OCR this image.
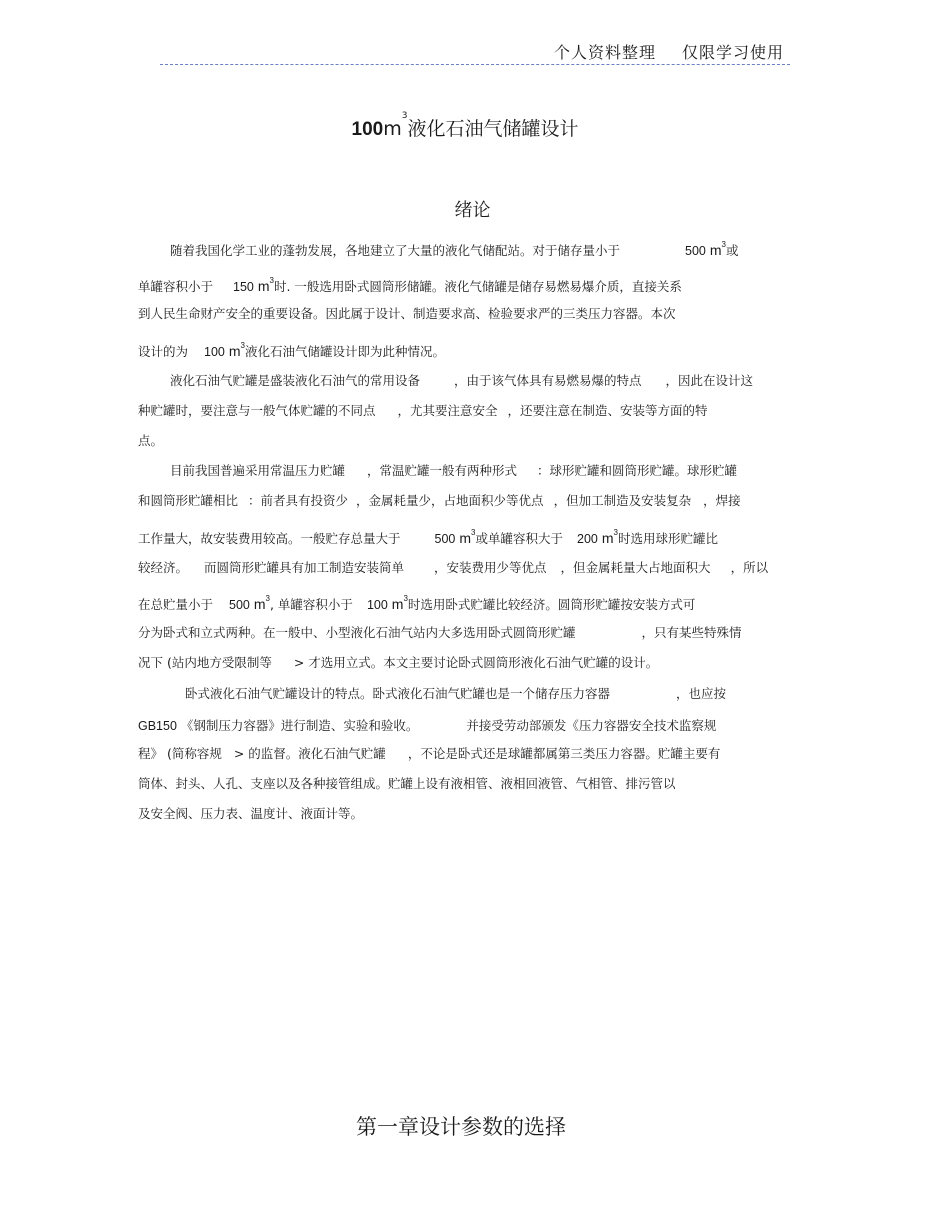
个人资料整理 仅限学习使用
$100m^3$液化石油气储罐设计
绪论
随着我国化学工业的蓬勃发展，各地建立了大量的液化气储配站。对于储存量小于	500 $m^3$或
单罐容积小于 150 $m^3$时. 一般选用卧式圆筒形储罐。液化气储罐是储存易燃易爆介质，直接关系
到人民生命财产安全的重要设备。因此属于设计、制造要求高、检验要求严的三类压力容器。本次
设计的为 100 $m^3$液化石油气储罐设计即为此种情况。
液化石油气贮罐是盛装液化石油气的常用设备	，由于该气体具有易燃易爆的特点 ，因此在设计这
种贮罐时，要注意与一般气体贮罐的不同点 ，尤其要注意安全 ，还要注意在制造、安装等方面的特
点。
目前我国普遍采用常温压力贮罐 ，常温贮罐一般有两种形式 ：球形贮罐和圆筒形贮罐。球形贮罐
和圆筒形贮罐相比 ：前者具有投资少 ，金属耗量少，占地面积少等优点 ，但加工制造及安装复杂 ，焊接
工作量大，故安装费用较高。一般贮存总量大于	500 $m^3$或单罐容积大于 200 $m^3$时选用球形贮罐比
较经济。 而圆筒形贮罐具有加工制造安装简单 ，安装费用少等优点 ，但金属耗量大占地面积大 ，所以
在总贮量小于 500 $m^3$, 单罐容积小于 100 $m^3$时选用卧式贮罐比较经济。圆筒形贮罐按安装方式可
分为卧式和立式两种。在一般中、小型液化石油气站内大多选用卧式圆筒形贮罐	，只有某些特殊情
况下 (站内地方受限制等 > 才选用立式。本文主要讨论卧式圆筒形液化石油气贮罐的设计。
卧式液化石油气贮罐设计的特点。卧式液化石油气贮罐也是一个储存压力容器	，也应按
GB150 《钢制压力容器》进行制造、实验和验收。	并接受劳动部颁发《压力容器安全技术监察规
程》 (简称容规 > 的监督。液化石油气贮罐 ，不论是卧式还是球罐都属第三类压力容器。贮罐主要有
筒体、封头、人孔、支座以及各种接管组成。贮罐上设有液相管、液相回液管、气相管、排污管以
及安全阀、压力表、温度计、液面计等。
第一章设计参数的选择
